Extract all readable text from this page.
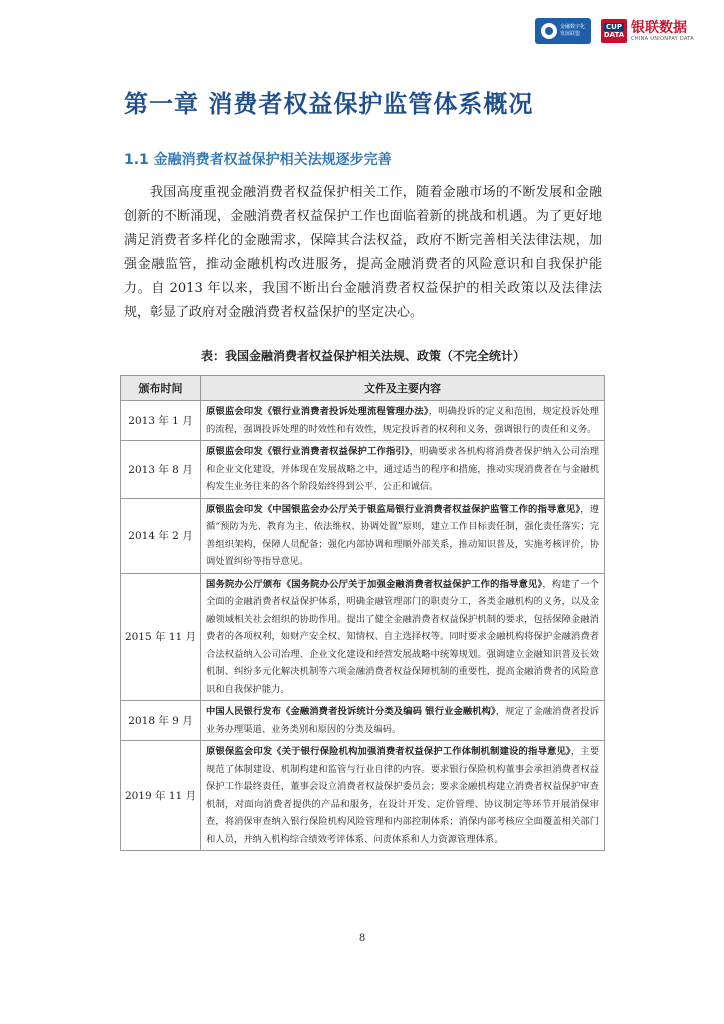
金融数字化
发展联盟
CUP
DATA 银联数据
CHINA UNIONPAY DATA
第一章 消费者权益保护监管体系概况
1.1 金融消费者权益保护相关法规逐步完善

我国高度重视金融消费者权益保护相关工作，随着金融市场的不断发展和金融创新的不断涌现，金融消费者权益保护工作也面临着新的挑战和机遇。为了更好地满足消费者多样化的金融需求，保障其合法权益，政府不断完善相关法律法规，加强金融监管，推动金融机构改进服务，提高金融消费者的风险意识和自我保护能力。自 2013 年以来，我国不断出台金融消费者权益保护的相关政策以及法律法规，彰显了政府对金融消费者权益保护的坚定决心。

表：我国金融消费者权益保护相关法规、政策（不完全统计）
颁布时间	文件及主要内容
2013 年 1 月	原银监会印发《银行业消费者投诉处理流程管理办法》，明确投诉的定义和范围，规定投诉处理的流程，强调投诉处理的时效性和有效性，规定投诉者的权利和义务，强调银行的责任和义务。
2013 年 8 月	原银监会印发《银行业消费者权益保护工作指引》，明确要求各机构将消费者保护纳入公司治理和企业文化建设，并体现在发展战略之中，通过适当的程序和措施，推动实现消费者在与金融机构发生业务往来的各个阶段始终得到公平、公正和诚信。
2014 年 2 月	原银监会印发《中国银监会办公厅关于银监局银行业消费者权益保护监管工作的指导意见》，遵循“预防为先、教育为主、依法维权、协调处置”原则，建立工作目标责任制，强化责任落实；完善组织架构，保障人员配备；强化内部协调和理顺外部关系，推动知识普及，实施考核评价，协调处置纠纷等指导意见。
2015 年 11 月	国务院办公厅颁布《国务院办公厅关于加强金融消费者权益保护工作的指导意见》，构建了一个全面的金融消费者权益保护体系，明确金融管理部门的职责分工，各类金融机构的义务，以及金融领域相关社会组织的协助作用。提出了健全金融消费者权益保护机制的要求，包括保障金融消费者的各项权利，如财产安全权、知情权、自主选择权等。同时要求金融机构将保护金融消费者合法权益纳入公司治理、企业文化建设和经营发展战略中统筹规划。强调建立金融知识普及长效机制、纠纷多元化解决机制等六项金融消费者权益保障机制的重要性，提高金融消费者的风险意识和自我保护能力。
2018 年 9 月	中国人民银行发布《金融消费者投诉统计分类及编码 银行业金融机构》，规定了金融消费者投诉业务办理渠道、业务类别和原因的分类及编码。
2019 年 11 月	原银保监会印发《关于银行保险机构加强消费者权益保护工作体制机制建设的指导意见》，主要规范了体制建设、机制构建和监管与行业自律的内容。要求银行保险机构董事会承担消费者权益保护工作最终责任，董事会设立消费者权益保护委员会；要求金融机构建立消费者权益保护审查机制，对面向消费者提供的产品和服务，在设计开发、定价管理、协议制定等环节开展消保审查，将消保审查纳入银行保险机构风险管理和内部控制体系；消保内部考核应全面覆盖相关部门和人员，并纳入机构综合绩效考评体系、问责体系和人力资源管理体系。
8
